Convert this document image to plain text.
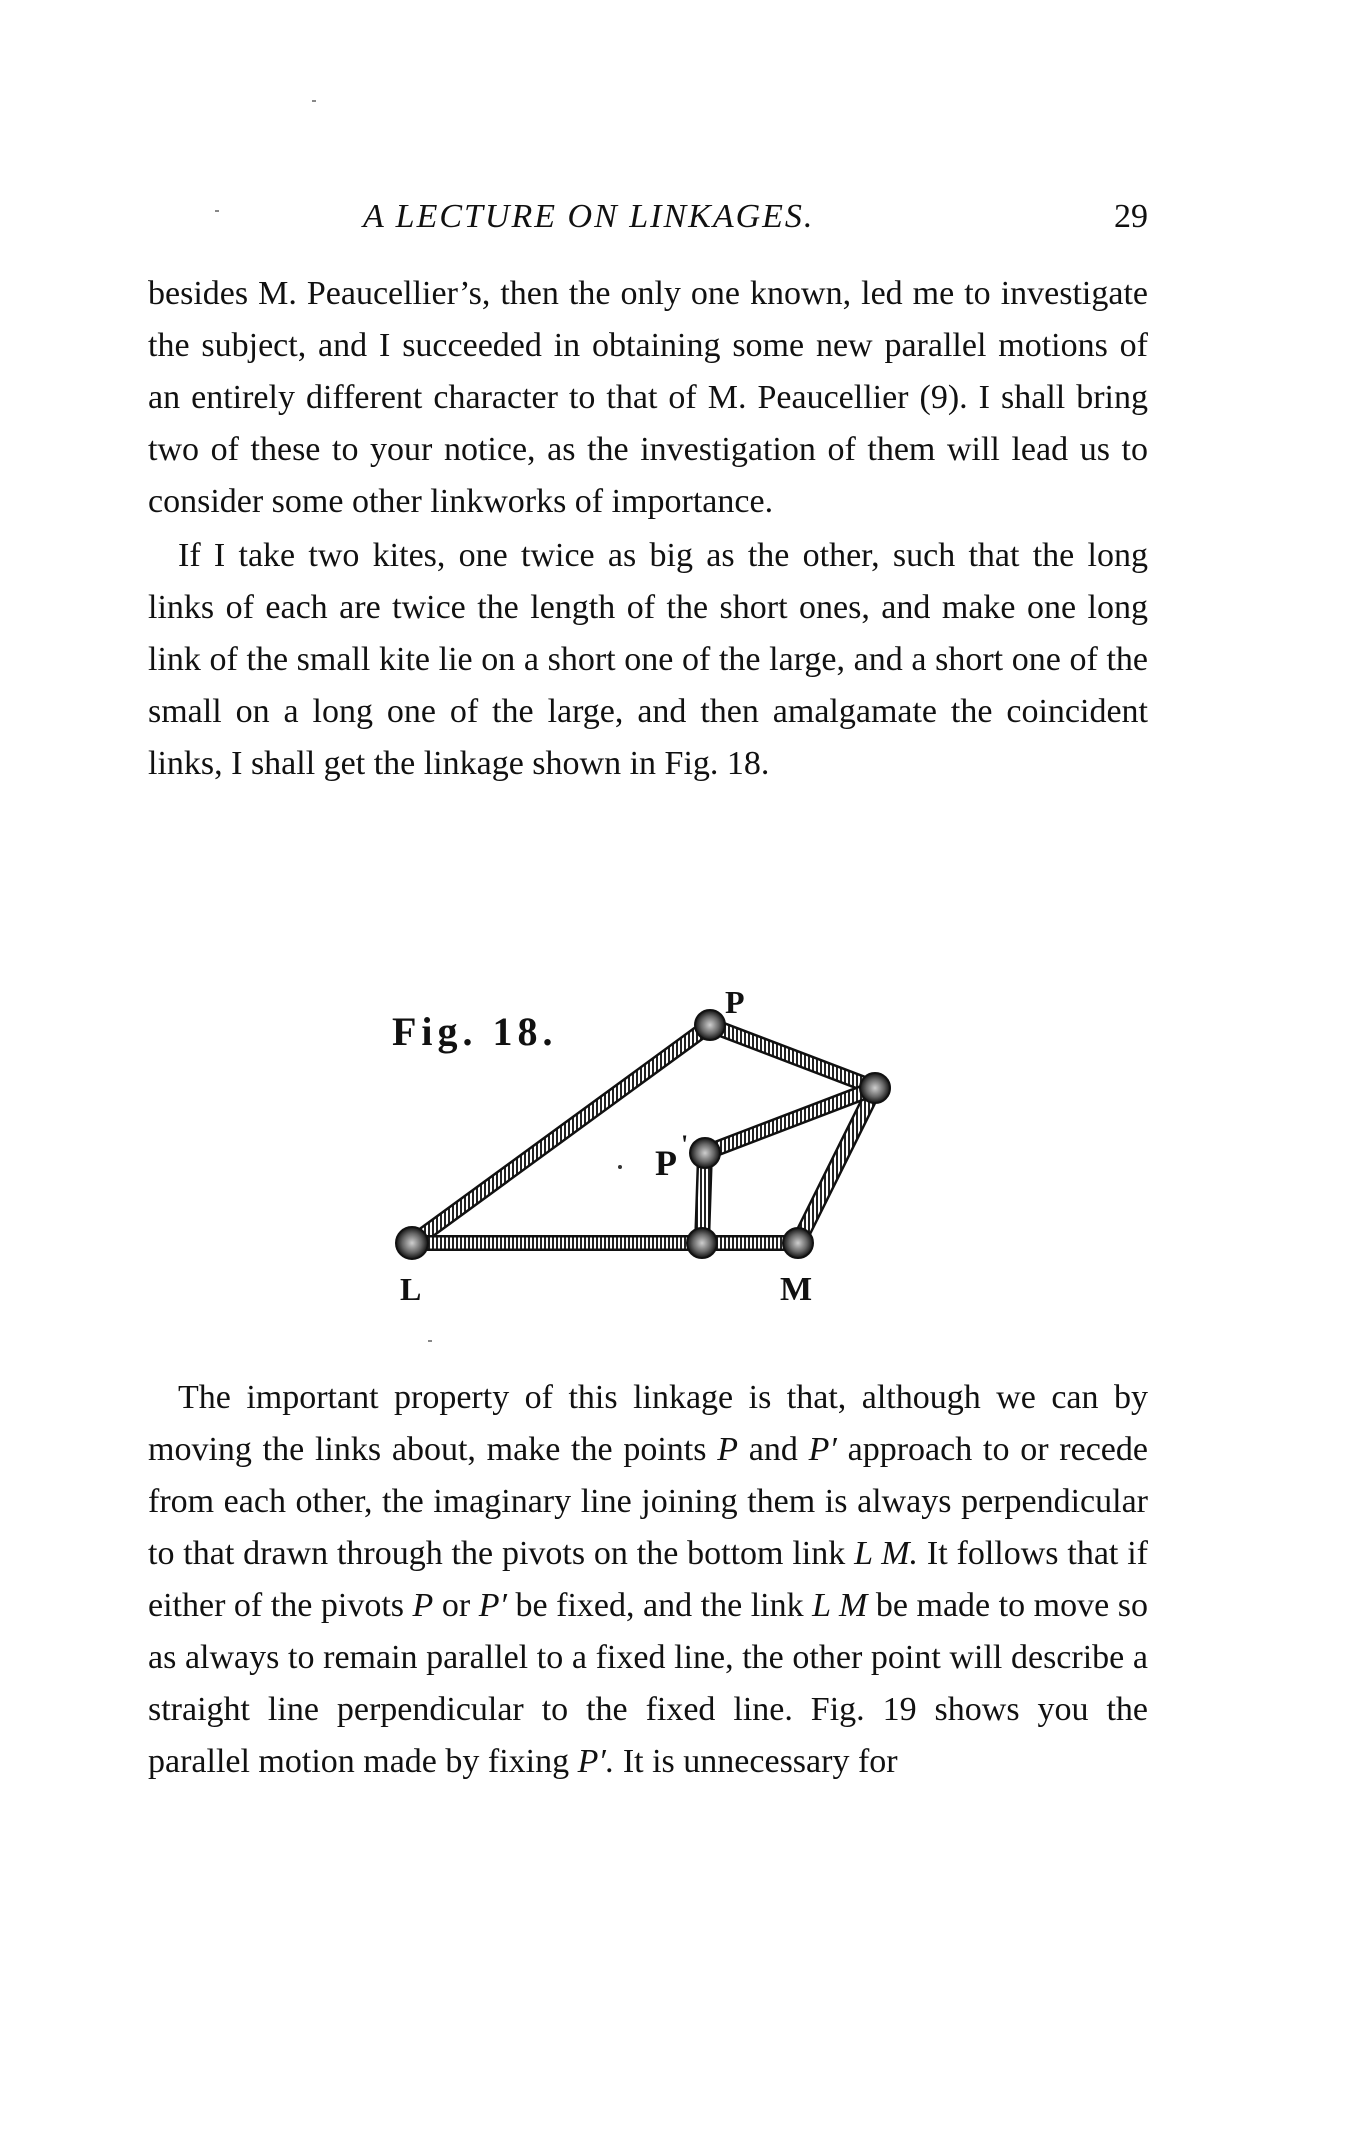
A LECTURE ON LINKAGES.	29

besides M. Peaucellier’s, then the only one known, led me to investigate the subject, and I succeeded in obtaining some new parallel motions of an entirely different character to that of M. Peaucellier (9). I shall bring two of these to your notice, as the investigation of them will lead us to consider some other linkworks of importance.

If I take two kites, one twice as big as the other, such that the long links of each are twice the length of the short ones, and make one long link of the small kite lie on a short one of the large, and a short one of the small on a long one of the large, and then amalgamate the coincident links, I shall get the linkage shown in Fig. 18.

Fig. 18.
P
P '
L	M

The important property of this linkage is that, although we can by moving the links about, make the points P and P′ approach to or recede from each other, the imaginary line joining them is always perpendicular to that drawn through the pivots on the bottom link L M. It follows that if either of the pivots P or P′ be fixed, and the link L M be made to move so as always to remain parallel to a fixed line, the other point will describe a straight line perpendicular to the fixed line. Fig. 19 shows you the parallel motion made by fixing P′. It is unnecessary for
